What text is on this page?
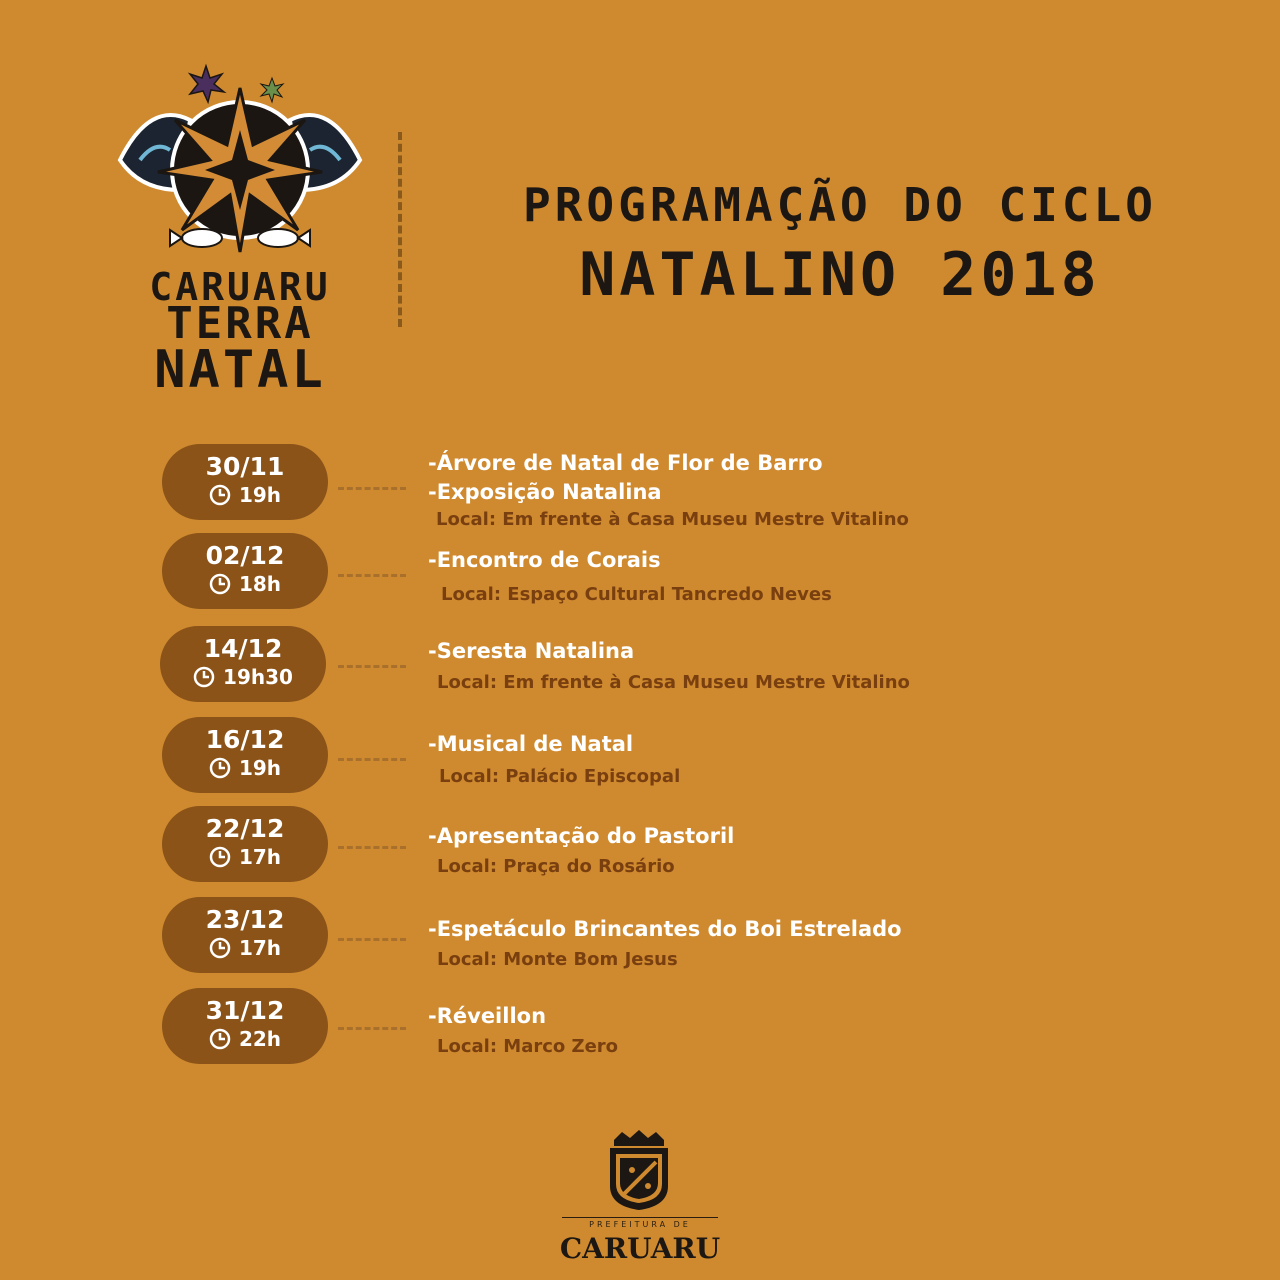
CARUARU
TERRA
NATAL
PROGRAMAÇÃO DO CICLO
NATALINO 2018
30/11
19h
-Árvore de Natal de Flor de Barro
-Exposição Natalina
Local: Em frente à Casa Museu Mestre Vitalino
02/12
18h
-Encontro de Corais
Local: Espaço Cultural Tancredo Neves
14/12
19h30
-Seresta Natalina
Local: Em frente à Casa Museu Mestre Vitalino
16/12
19h
-Musical de Natal
Local: Palácio Episcopal
22/12
17h
-Apresentação do Pastoril
Local: Praça do Rosário
23/12
17h
-Espetáculo Brincantes do Boi Estrelado
Local: Monte Bom Jesus
31/12
22h
-Réveillon
Local: Marco Zero
PREFEITURA DE
CARUARU
